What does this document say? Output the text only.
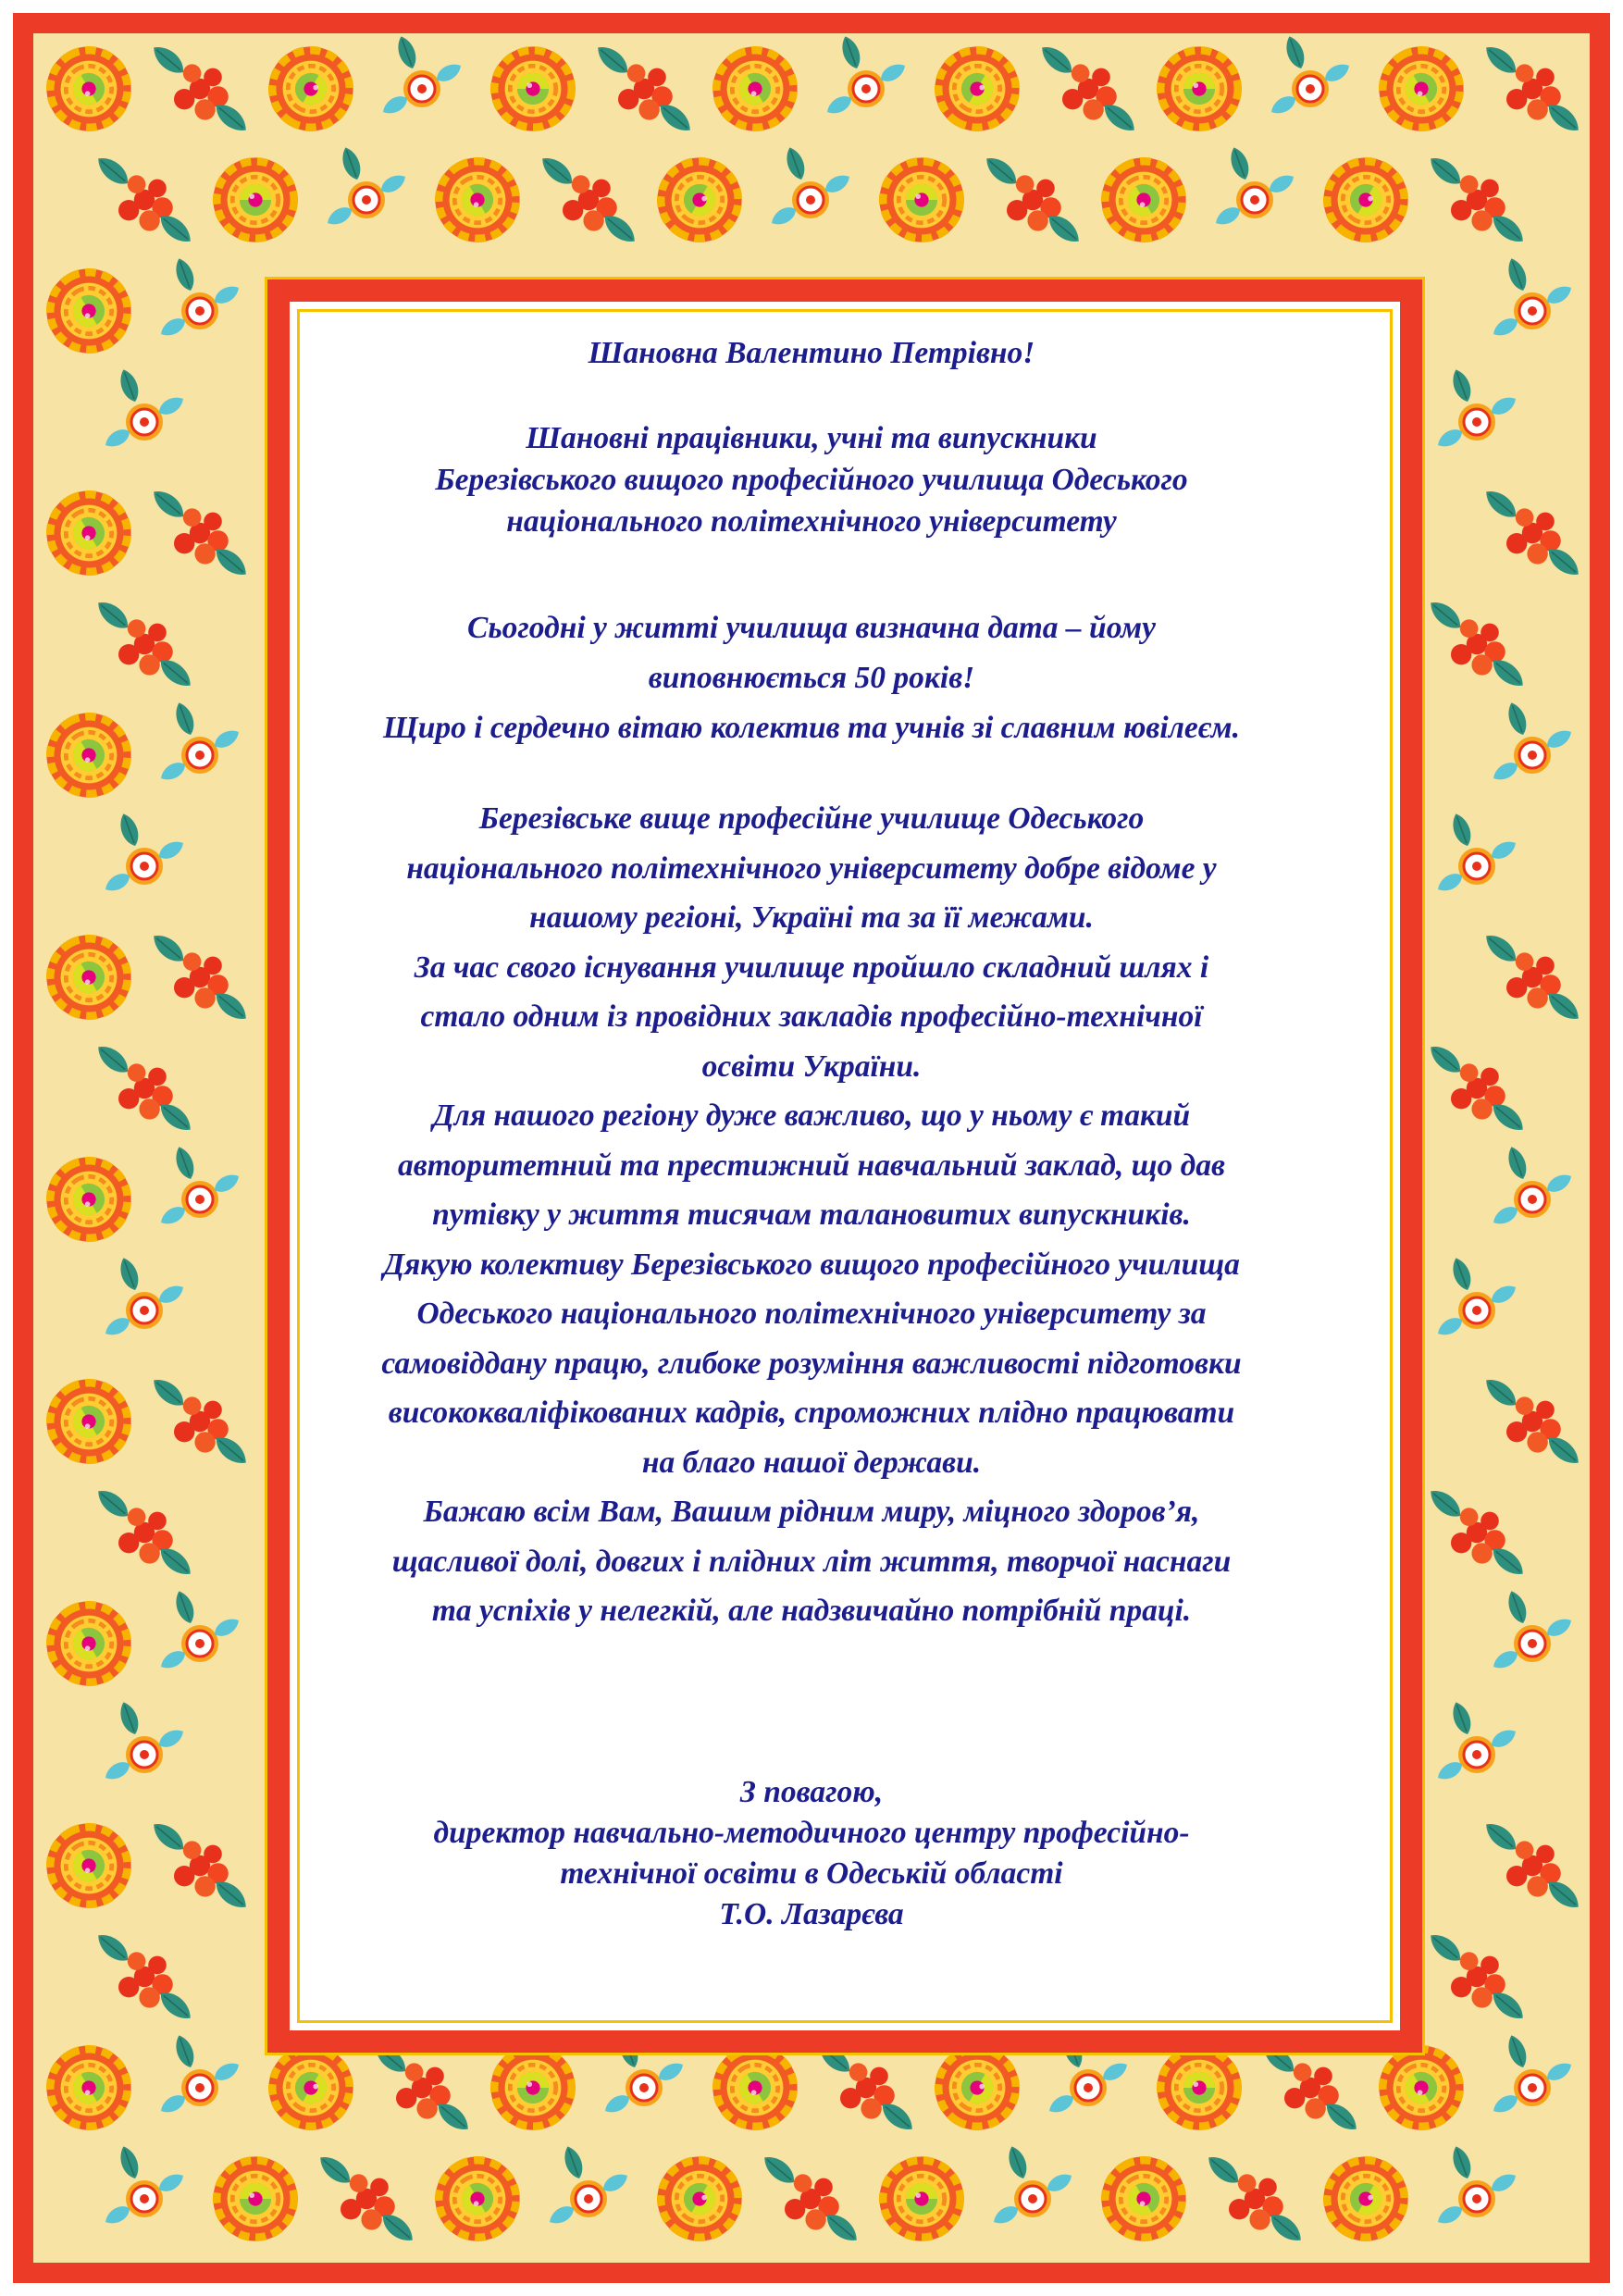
Шановна Валентино Петрівно!

Шановні працівники, учні та випускники

Березівського вищого професійного училища Одеського

національного політехнічного університету

Сьогодні у житті училища визначна дата – йому

виповнюється 50 років!

Щиро і сердечно вітаю колектив та учнів зі славним ювілеєм.

Березівське вище професійне училище Одеського

національного політехнічного університету добре відоме у

нашому регіоні, Україні та за її межами.

За час свого існування училище пройшло складний шлях і

стало одним із провідних закладів професійно-технічної

освіти України.

Для нашого регіону дуже важливо, що у ньому є такий

авторитетний та престижний навчальний заклад, що дав

путівку у життя тисячам талановитих випускників.

Дякую колективу Березівського вищого професійного училища

Одеського національного політехнічного університету за

самовіддану працю, глибоке розуміння важливості підготовки

висококваліфікованих кадрів, спроможних плідно працювати

на благо нашої держави.

Бажаю всім Вам, Вашим рідним миру, міцного здоров’я,

щасливої долі, довгих і плідних літ життя, творчої наснаги

та успіхів у нелегкій, але надзвичайно потрібній праці.

З повагою,

директор навчально-методичного центру професійно-

технічної освіти в Одеській області

Т.О. Лазарєва
